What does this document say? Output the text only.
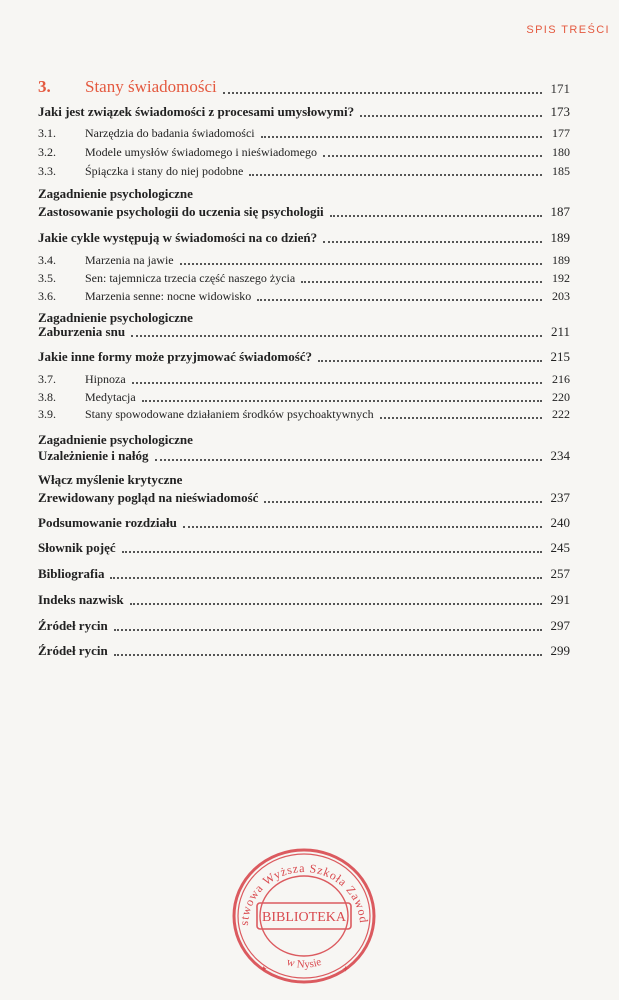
SPIS TREŚCI
3. Stany świadomości	171
Jaki jest związek świadomości z procesami umysłowymi?	173
3.1. Narzędzia do badania świadomości	177
3.2. Modele umysłów świadomego i nieświadomego	180
3.3. Śpiączka i stany do niej podobne	185
Zagadnienie psychologiczne
Zastosowanie psychologii do uczenia się psychologii	187
Jakie cykle występują w świadomości na co dzień?	189
3.4. Marzenia na jawie	189
3.5. Sen: tajemnicza trzecia część naszego życia	192
3.6. Marzenia senne: nocne widowisko	203
Zagadnienie psychologiczne
Zaburzenia snu	211
Jakie inne formy może przyjmować świadomość?	215
3.7. Hipnoza	216
3.8. Medytacja	220
3.9. Stany spowodowane działaniem środków psychoaktywnych	222
Zagadnienie psychologiczne
Uzależnienie i nałóg	234
Włącz myślenie krytyczne
Zrewidowany pogląd na nieświadomość	237
Podsumowanie rozdziału	240
Słownik pojęć	245
Bibliografia	257
Indeks nazwisk	291
Źródeł rycin	297
Źródeł rycin	299
stwowa Wyższa Szkoła Zawod
BIBLIOTEKA
w Nysie
✦	✦
